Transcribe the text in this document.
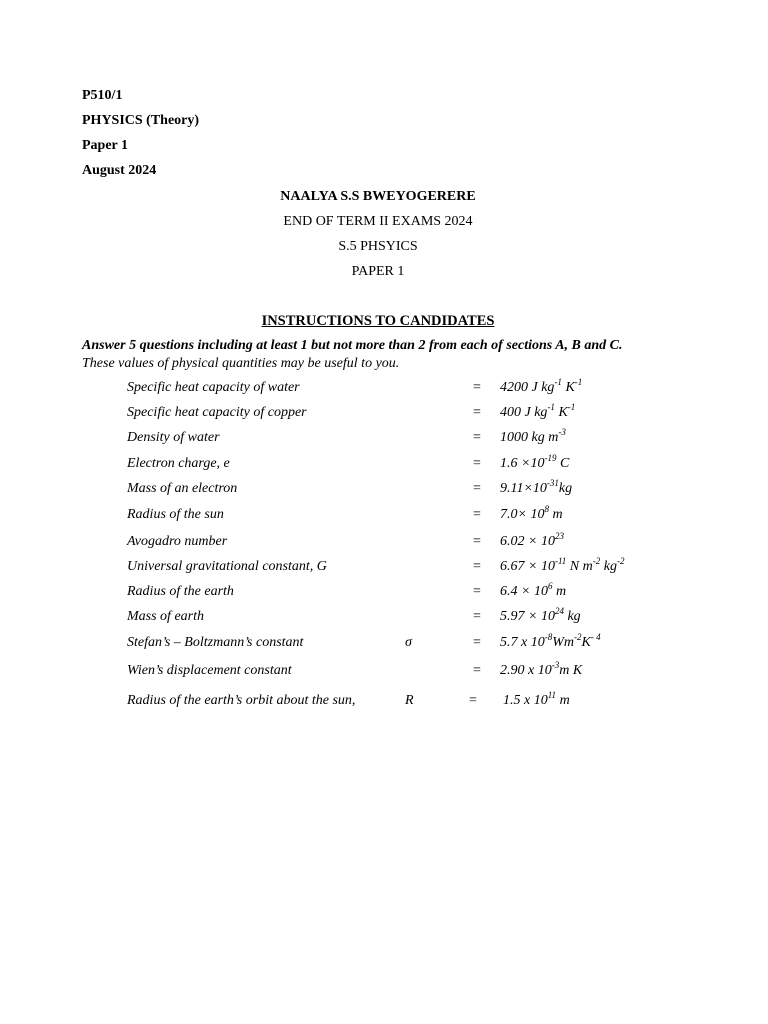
P510/1
PHYSICS (Theory)
Paper 1
August 2024
NAALYA S.S BWEYOGERERE
END OF TERM II EXAMS 2024
S.5 PHSYICS
PAPER 1
INSTRUCTIONS TO CANDIDATES
Answer 5 questions including at least 1 but not more than 2 from each of sections A, B and C.
These values of physical quantities may be useful to you.
Specific heat capacity of water	= 4200 J $kg^{-1}$ $K^{-1}$
Specific heat capacity of copper	= 400 J $kg^{-1}$ $K^{-1}$
Density of water	= 1000 kg $m^{-3}$
Electron charge, e	= $1.6 \times 10^{-19}$ C
Mass of an electron	= $9.11\times 10^{-31}kg$
Radius of the sun	= $7.0\times 10^8$ m
Avogadro number	= $6.02 \times 10^{23}$
Universal gravitational constant, G	= $6.67 \times 10^{-11}$ N $m^{-2}$ $kg^{-2}$
Radius of the earth	= $6.4 \times 10^6$ m
Mass of earth	= $5.97 \times 10^{24}$ kg
Stefan’s – Boltzmann’s constant	σ	= 5.7 x $10^{-8}Wm^{-2}K^{- 4}$
Wien’s displacement constant	= 2.90 x $10^{-3}m$ K
Radius of the earth’s orbit about the sun,	R	= 1.5 x $10^{11}$ m
